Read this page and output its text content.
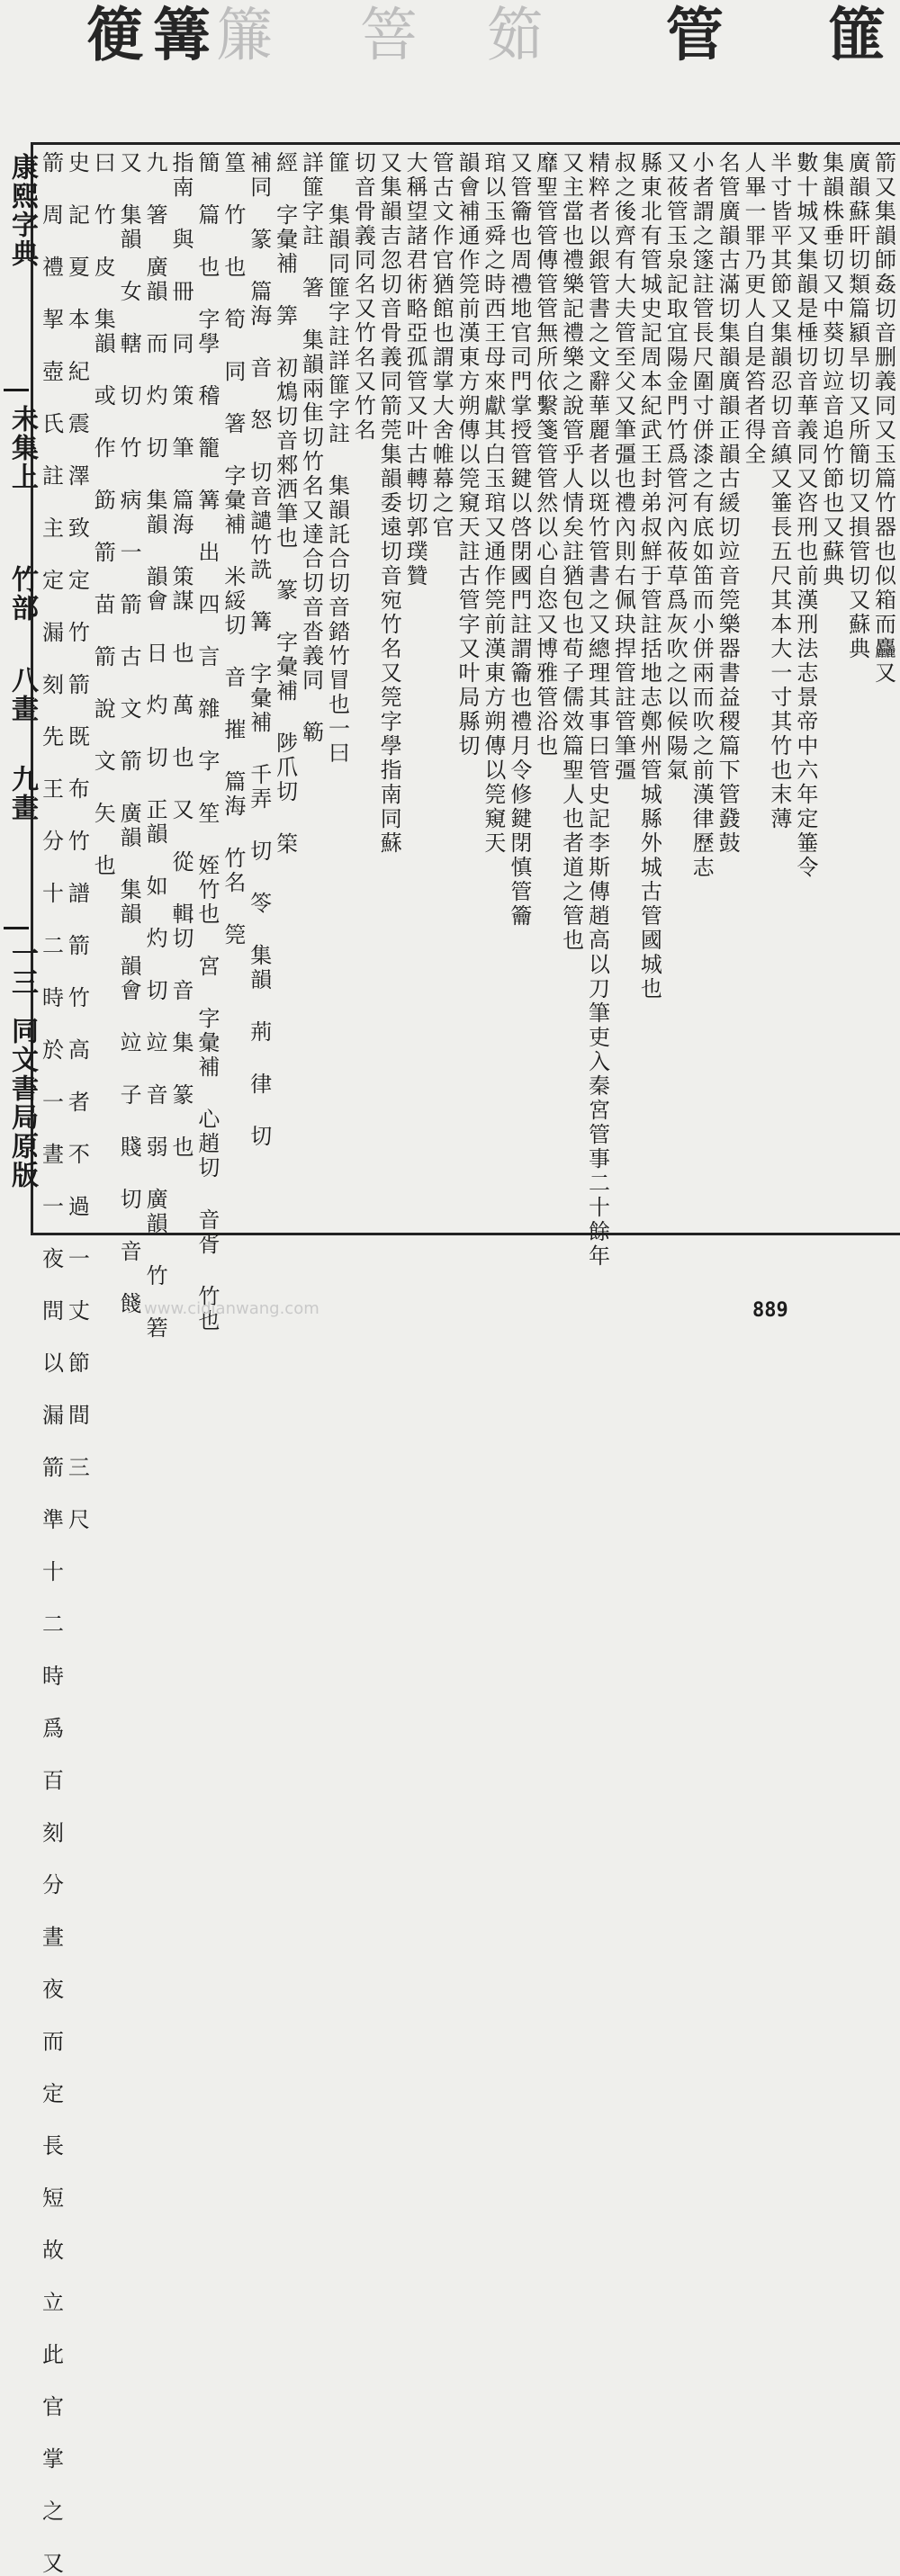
篚
管
筎
箁
簾
篝
箯
康熙字典
未集上
竹部
八畫
九畫
一三
同文書局原版
箭又集韻師姦切音删義同又玉篇竹器也似箱而麤又
廣韻蘇旰切類篇顈旱切又所簡切又損管切又蘇典
集韻株垂切又中葵切竝音追竹節也又蘇典
數十城又集韻是棰切音華義同又咨刑也前漢刑法志景帝中六年定箠令
半寸皆平其節又集韻忍切音縝又箠長五尺其本大一寸其竹也末薄
人畢一罪乃更人自是笞者得全
名管廣韻古滿切集韻廣韻正韻古緩切竝音筦樂器書益稷篇下管鼗鼓
小者謂之篴註管長尺圍寸併漆之有底如笛而小併兩而吹之前漢律歷志
又莜管玉泉記取宜陽金門竹爲管河內莜草爲灰吹之以候陽氣
縣東北有管城史記周本紀武王封弟叔鮮于管註括地志鄭州管城縣外城古管國城也
叔之後齊有大夫管至父又筆彊也禮內則右佩玦捍管註管筆彊
精粹者以銀管書之文辭華麗者以斑竹管書之又總理其事曰管史記李斯傳趙高以刀筆吏入秦宮管事二十餘年
又主當也禮樂記禮樂之說管乎人情矣註猶包也荀子儒效篇聖人也者道之管也
靡聖管管傳管管無所依繫箋管管然以心自恣又博雅管浴也
又管籥也周禮地官司門掌授管鍵以啓閉國門註謂籥也禮月令修鍵閉慎管籥
琯以玉舜之時西王母來獻其白玉琯又通作筦前漢東方朔傳以筦窺天
韻會補通作筦前漢東方朔傳以筦窺天註古管字又叶局縣切
管古文作官猶館也謂掌大舍帷幕之官
大稱望諸君術略亞孤管又叶古轉切郭璞贊
又集韻吉忽切音骨義同箭莞集韻委遠切音宛竹名又筦字學指南同蘇
切音骨義同名又竹名又竹名
篚 集韻同篚字註詳篚字註 集韻託合切音錔竹冒也一曰
詳篚字註 箸 集韻兩隹切竹名又達合切音沓義同 簕
經 字彙補 筭 初鴆切音郲洒筆也 篆 字彙補 陟爪切 筞
補同 篆 篇海 音 怒 切音譴竹詵 篝 字彙補 千弄 切 笭 集韻 荊 律 切
篁 竹 也 筍 同 箸 字彙補 米綏切 音 摧 篇海 竹名 筦
簡 篇 也 字學 稽 籠 篝 出 四 言 雜 字 笙 姪竹也 宮 字彙補 心趙切 音胥 竹也
指南 與 冊 同 策 筆 篇海 策謀 也 萬 也 又 從 輯切 音 集 篆 也
九 箸 廣韻 而 灼 切 集韻 韻會 日 灼 切 正韻 如 灼 切 竝 音 弱 廣韻 竹 箬
又 集韻 女 轄 切 竹 病 一 箭 古 文 箭 廣韻 集韻 韻會 竝 子 賤 切 音 餞
曰 竹 皮 集韻 或 作 筯 箭 苗 箭 說 文 矢 也
史 記 夏 本 紀 震 澤 致 定 竹 箭 既 布 竹 譜 箭 竹 高 者 不 過 一 丈 節 間 三 尺
箭 周 禮 挈 壺 氏 註 主 定 漏 刻 先 王 分 十 二 時 於 一 晝 一 夜 問 以 漏 箭 準 十 二 時 爲 百 刻 分 晝 夜 而 定 長 短 故 立 此 官 掌 之 又	www.cidianwang.com	889
